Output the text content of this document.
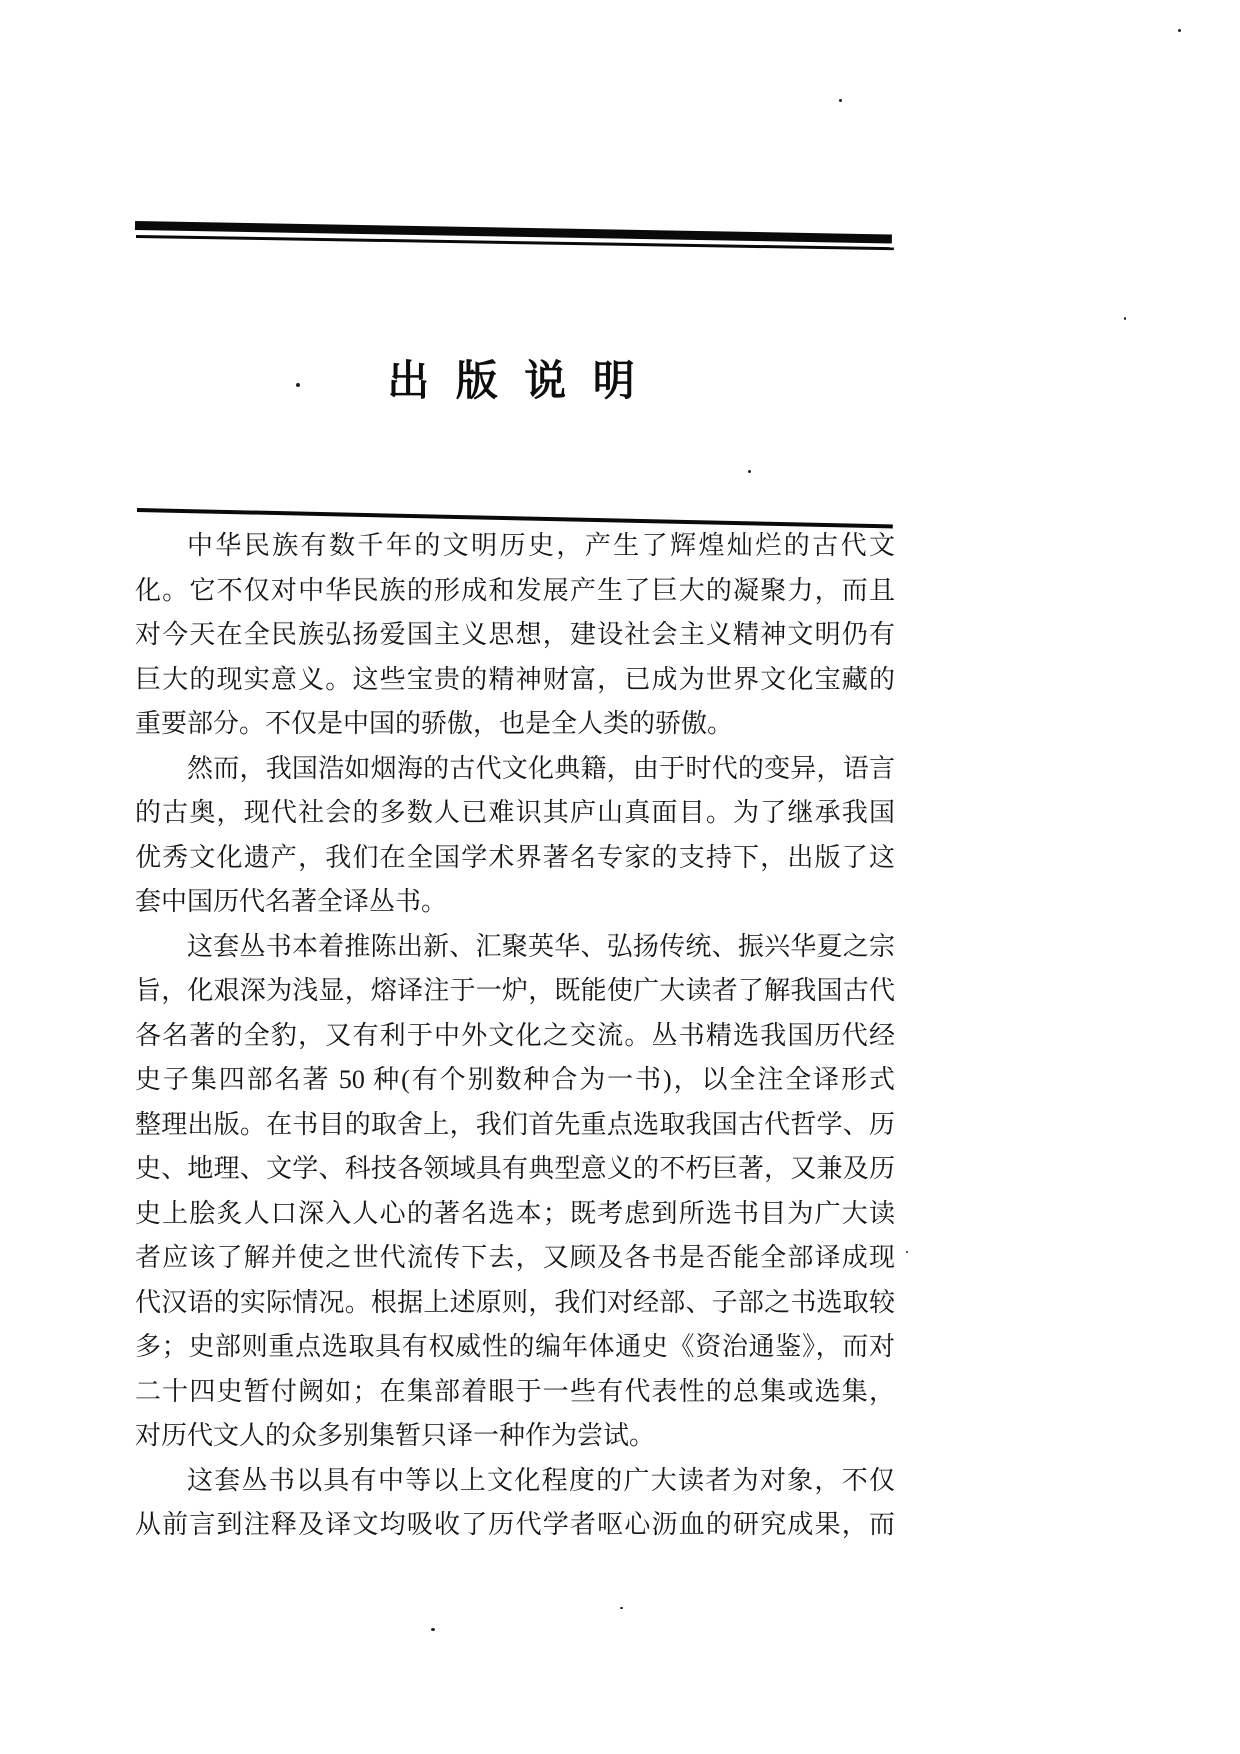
出 版 说 明
中华民族有数千年的文明历史，产生了辉煌灿烂的古代文
化。它不仅对中华民族的形成和发展产生了巨大的凝聚力，而且
对今天在全民族弘扬爱国主义思想，建设社会主义精神文明仍有
巨大的现实意义。这些宝贵的精神财富，已成为世界文化宝藏的
重要部分。不仅是中国的骄傲，也是全人类的骄傲。
然而，我国浩如烟海的古代文化典籍，由于时代的变异，语言
的古奥，现代社会的多数人已难识其庐山真面目。为了继承我国
优秀文化遗产，我们在全国学术界著名专家的支持下，出版了这
套中国历代名著全译丛书。
这套丛书本着推陈出新、汇聚英华、弘扬传统、振兴华夏之宗
旨，化艰深为浅显，熔译注于一炉，既能使广大读者了解我国古代
各名著的全豹，又有利于中外文化之交流。丛书精选我国历代经
史子集四部名著 50 种(有个别数种合为一书)，以全注全译形式
整理出版。在书目的取舍上，我们首先重点选取我国古代哲学、历
史、地理、文学、科技各领域具有典型意义的不朽巨著，又兼及历
史上脍炙人口深入人心的著名选本；既考虑到所选书目为广大读
者应该了解并使之世代流传下去，又顾及各书是否能全部译成现
代汉语的实际情况。根据上述原则，我们对经部、子部之书选取较
多；史部则重点选取具有权威性的编年体通史《资治通鉴》，而对
二十四史暂付阙如；在集部着眼于一些有代表性的总集或选集，
对历代文人的众多别集暂只译一种作为尝试。
这套丛书以具有中等以上文化程度的广大读者为对象，不仅
从前言到注释及译文均吸收了历代学者呕心沥血的研究成果，而
